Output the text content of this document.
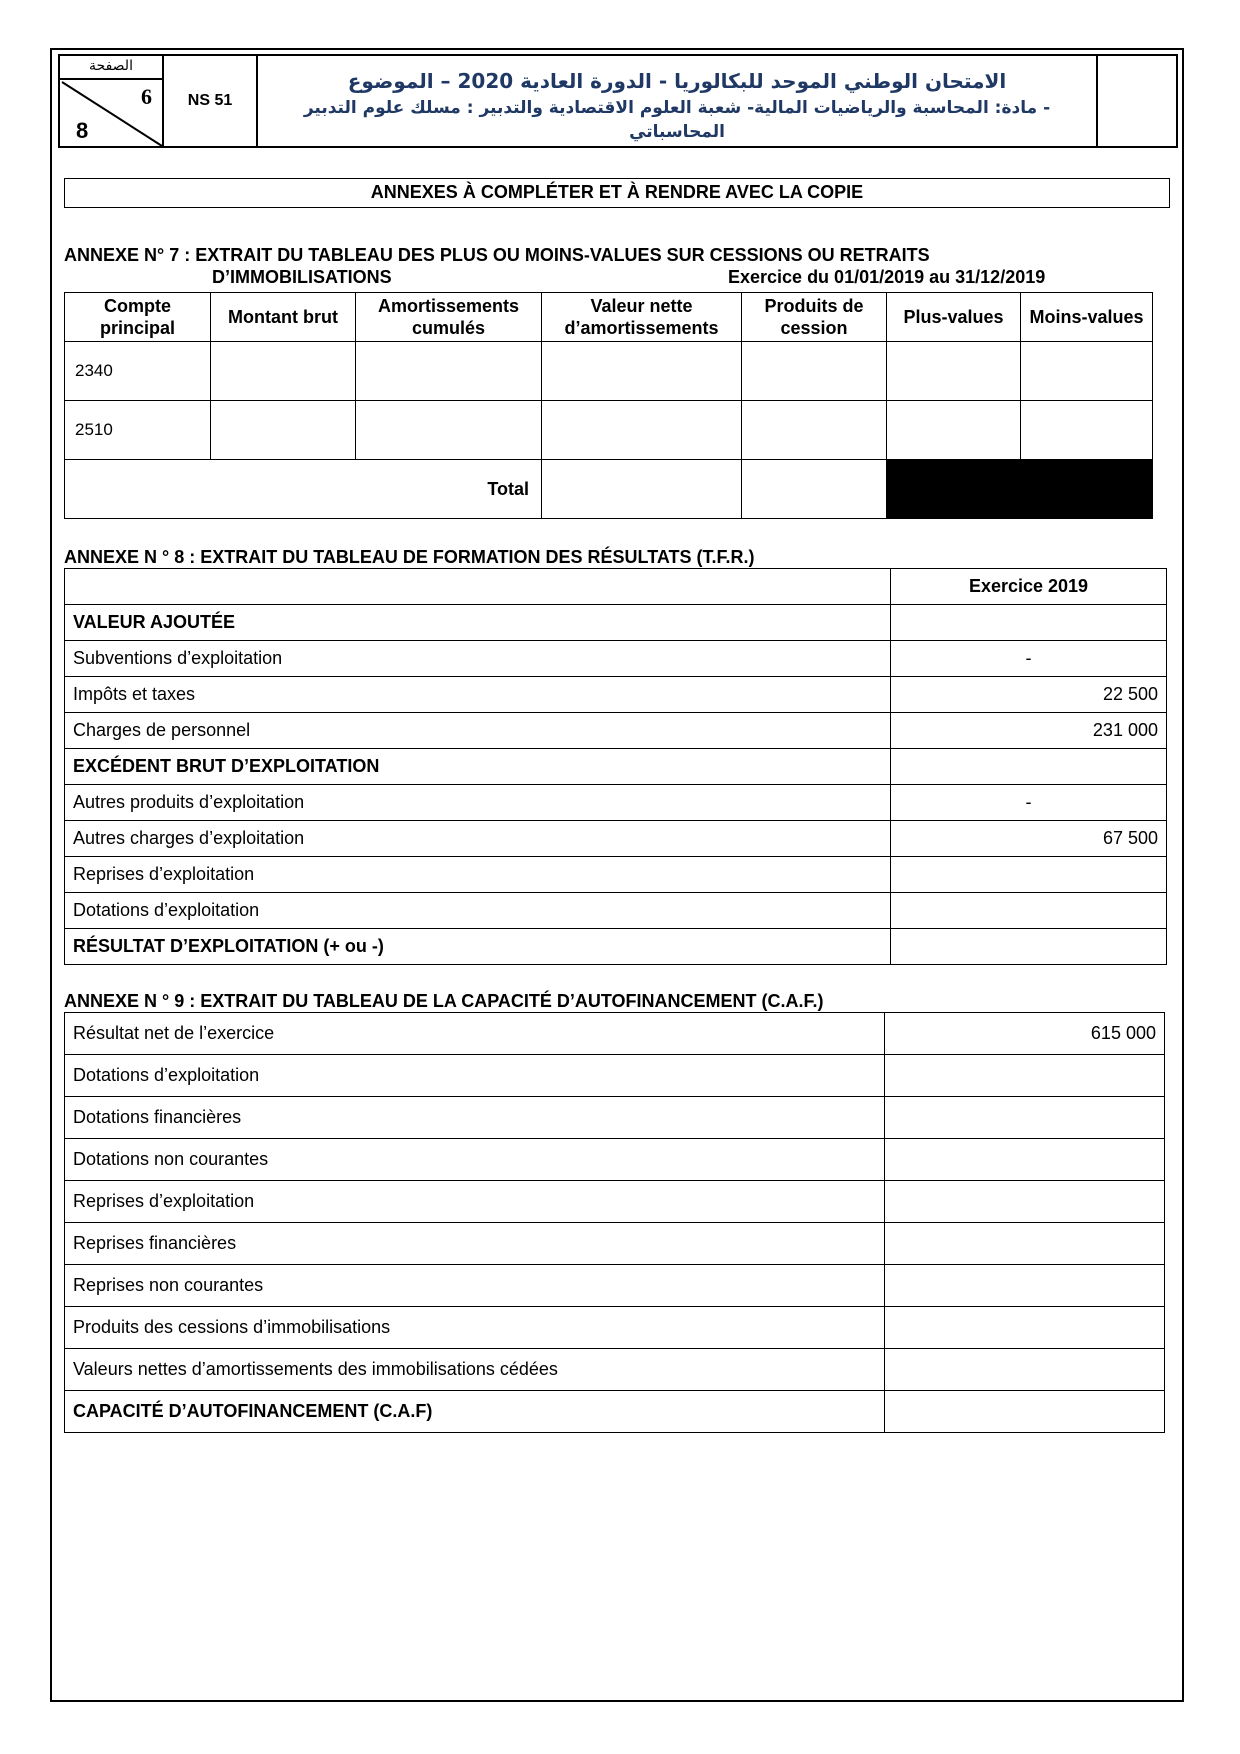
الصفحة
6
8
NS 51
الامتحان الوطني الموحد للبكالوريا - الدورة العادية 2020 – الموضوع
- مادة: المحاسبة والرياضيات المالية- شعبة العلوم الاقتصادية والتدبير : مسلك علوم التدبير المحاسباتي
ANNEXES À COMPLÉTER ET À RENDRE AVEC LA COPIE
ANNEXE N° 7 : EXTRAIT DU TABLEAU DES PLUS OU MOINS-VALUES SUR CESSIONS OU RETRAITS
D’IMMOBILISATIONS	Exercice du 01/01/2019 au 31/12/2019
Compte principal	Montant brut	Amortissements cumulés	Valeur nette d’amortissements	Produits de cession	Plus-values	Moins-values
2340						
2510						
Total						
ANNEXE N ° 8 : EXTRAIT DU TABLEAU DE FORMATION DES RÉSULTATS (T.F.R.)
	Exercice 2019
VALEUR AJOUTÉE	
Subventions d’exploitation	-
Impôts et taxes	22 500
Charges de personnel	231 000
EXCÉDENT BRUT D’EXPLOITATION	
Autres produits d’exploitation	-
Autres charges d’exploitation	67 500
Reprises d’exploitation	
Dotations d’exploitation	
RÉSULTAT D’EXPLOITATION (+ ou -)	
ANNEXE N ° 9 : EXTRAIT DU TABLEAU DE LA CAPACITÉ D’AUTOFINANCEMENT (C.A.F.)
Résultat net de l’exercice	615 000
Dotations d’exploitation	
Dotations financières	
Dotations non courantes	
Reprises d’exploitation	
Reprises financières	
Reprises non courantes	
Produits des cessions d’immobilisations	
Valeurs nettes d’amortissements des immobilisations cédées	
CAPACITÉ D’AUTOFINANCEMENT (C.A.F)	
